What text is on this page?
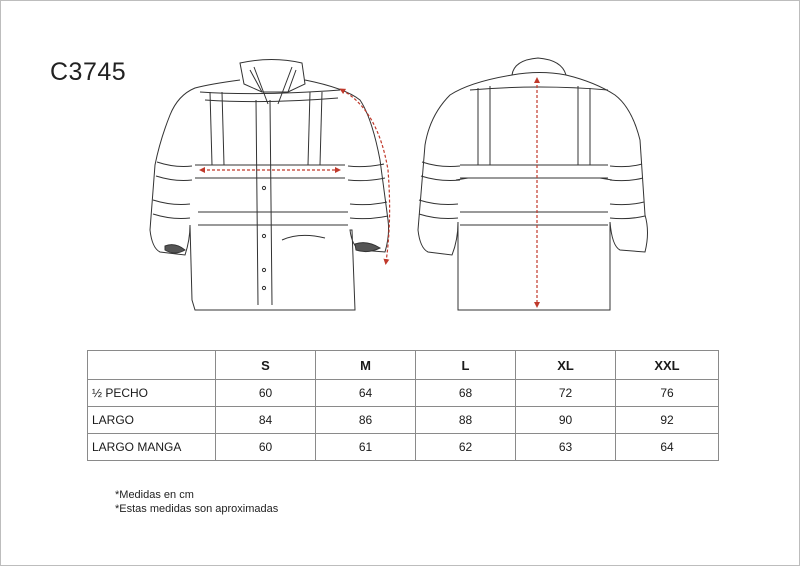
C3745
	S	M	L	XL	XXL
½ PECHO	60	64	68	72	76
LARGO	84	86	88	90	92
LARGO MANGA	60	61	62	63	64
*Medidas en cm
*Estas medidas son aproximadas
